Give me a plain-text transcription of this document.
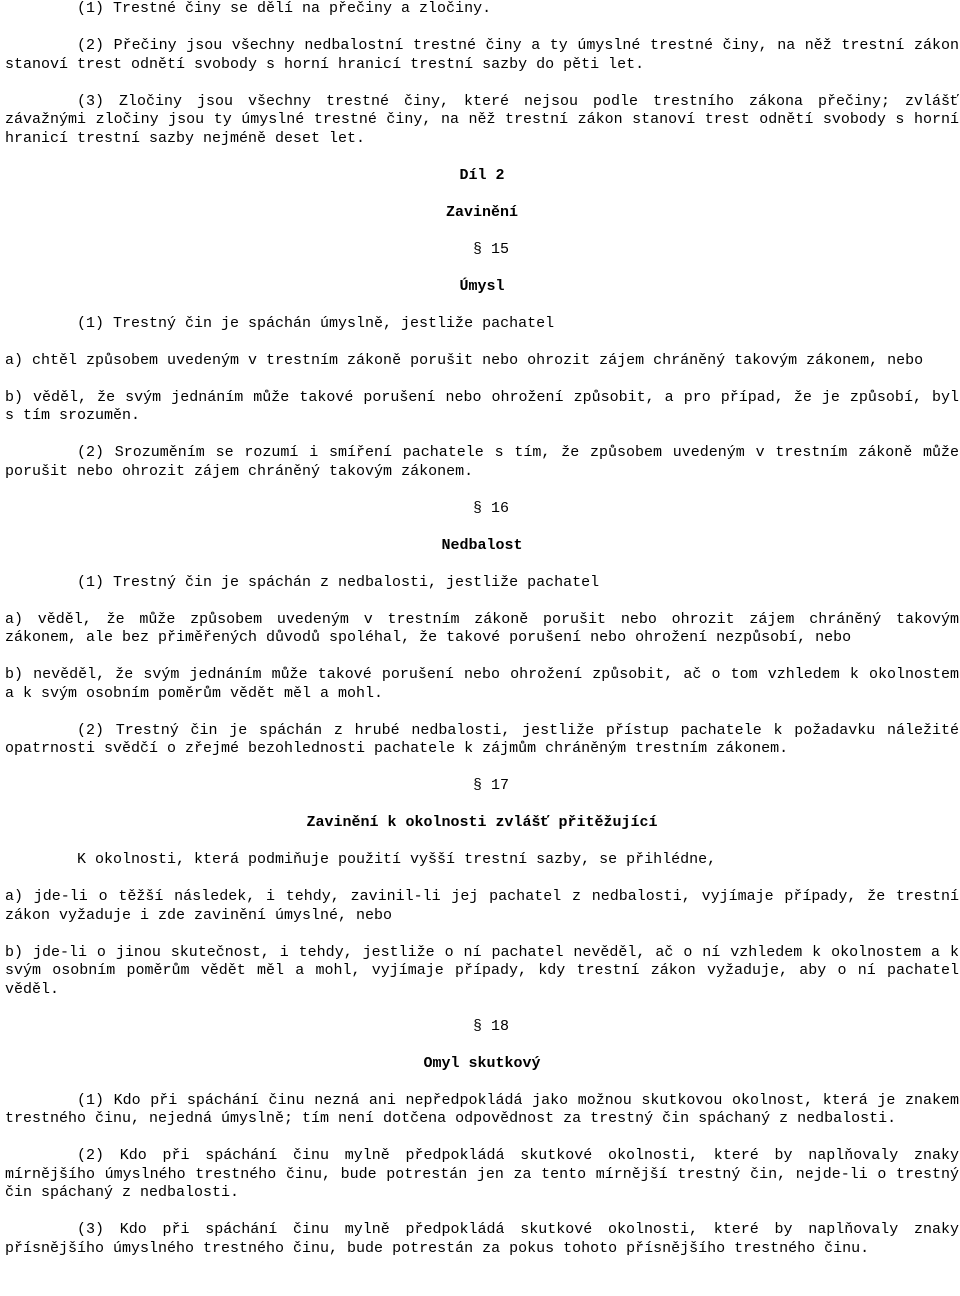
(1) Trestné činy se dělí na přečiny a zločiny.

(2) Přečiny jsou všechny nedbalostní trestné činy a ty úmyslné trestné činy, na něž trestní zákon stanoví trest odnětí svobody s horní hranicí trestní sazby do pěti let.

(3) Zločiny jsou všechny trestné činy, které nejsou podle trestního zákona přečiny; zvlášť závažnými zločiny jsou ty úmyslné trestné činy, na něž trestní zákon stanoví trest odnětí svobody s horní hranicí trestní sazby nejméně deset let.

Díl 2
Zavinění

§ 15

Úmysl

(1) Trestný čin je spáchán úmyslně, jestliže pachatel

a) chtěl způsobem uvedeným v trestním zákoně porušit nebo ohrozit zájem chráněný takovým zákonem, nebo

b) věděl, že svým jednáním může takové porušení nebo ohrožení způsobit, a pro případ, že je způsobí, byl s tím srozuměn.

(2) Srozuměním se rozumí i smíření pachatele s tím, že způsobem uvedeným v trestním zákoně může porušit nebo ohrozit zájem chráněný takovým zákonem.

§ 16

Nedbalost

(1) Trestný čin je spáchán z nedbalosti, jestliže pachatel

a) věděl, že může způsobem uvedeným v trestním zákoně porušit nebo ohrozit zájem chráněný takovým zákonem, ale bez přiměřených důvodů spoléhal, že takové porušení nebo ohrožení nezpůsobí, nebo

b) nevěděl, že svým jednáním může takové porušení nebo ohrožení způsobit, ač o tom vzhledem k okolnostem a k svým osobním poměrům vědět měl a mohl.

(2) Trestný čin je spáchán z hrubé nedbalosti, jestliže přístup pachatele k požadavku náležité opatrnosti svědčí o zřejmé bezohlednosti pachatele k zájmům chráněným trestním zákonem.

§ 17

Zavinění k okolnosti zvlášť přitěžující

K okolnosti, která podmiňuje použití vyšší trestní sazby, se přihlédne,

a) jde-li o těžší následek, i tehdy, zavinil-li jej pachatel z nedbalosti, vyjímaje případy, že trestní zákon vyžaduje i zde zavinění úmyslné, nebo

b) jde-li o jinou skutečnost, i tehdy, jestliže o ní pachatel nevěděl, ač o ní vzhledem k okolnostem a k svým osobním poměrům vědět měl a mohl, vyjímaje případy, kdy trestní zákon vyžaduje, aby o ní pachatel věděl.

§ 18

Omyl skutkový

(1) Kdo při spáchání činu nezná ani nepředpokládá jako možnou skutkovou okolnost, která je znakem trestného činu, nejedná úmyslně; tím není dotčena odpovědnost za trestný čin spáchaný z nedbalosti.

(2) Kdo při spáchání činu mylně předpokládá skutkové okolnosti, které by naplňovaly znaky mírnějšího úmyslného trestného činu, bude potrestán jen za tento mírnější trestný čin, nejde-li o trestný čin spáchaný z nedbalosti.

(3) Kdo při spáchání činu mylně předpokládá skutkové okolnosti, které by naplňovaly znaky přísnějšího úmyslného trestného činu, bude potrestán za pokus tohoto přísnějšího trestného činu.
